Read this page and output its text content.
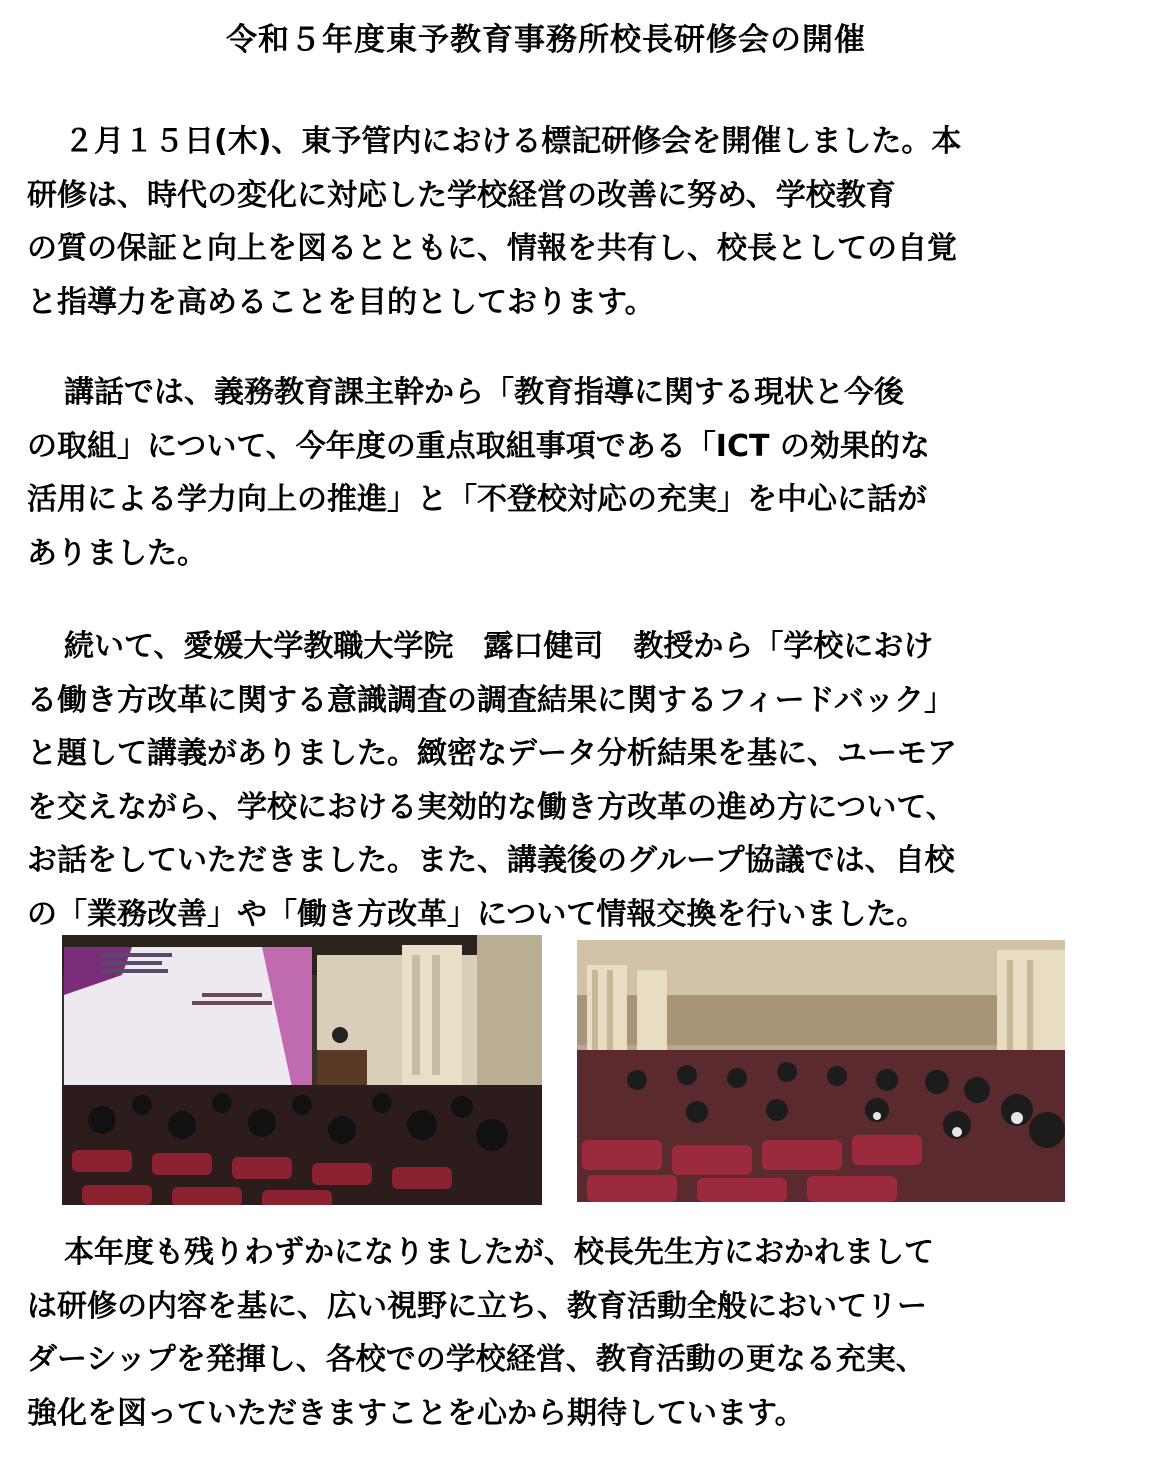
令和５年度東予教育事務所校長研修会の開催

２月１５日(木)、東予管内における標記研修会を開催しました。本
研修は、時代の変化に対応した学校経営の改善に努め、学校教育
の質の保証と向上を図るとともに、情報を共有し、校長としての自覚
と指導力を高めることを目的としております。

講話では、義務教育課主幹から「教育指導に関する現状と今後
の取組」について、今年度の重点取組事項である「ICT の効果的な
活用による学力向上の推進」と「不登校対応の充実」を中心に話が
ありました。

続いて、愛媛大学教職大学院　露口健司　教授から「学校におけ
る働き方改革に関する意識調査の調査結果に関するフィードバック」
と題して講義がありました。緻密なデータ分析結果を基に、ユーモア
を交えながら、学校における実効的な働き方改革の進め方について、
お話をしていただきました。また、講義後のグループ協議では、自校
の「業務改善」や「働き方改革」について情報交換を行いました。

本年度も残りわずかになりましたが、校長先生方におかれまして
は研修の内容を基に、広い視野に立ち、教育活動全般においてリー
ダーシップを発揮し、各校での学校経営、教育活動の更なる充実、
強化を図っていただきますことを心から期待しています。
